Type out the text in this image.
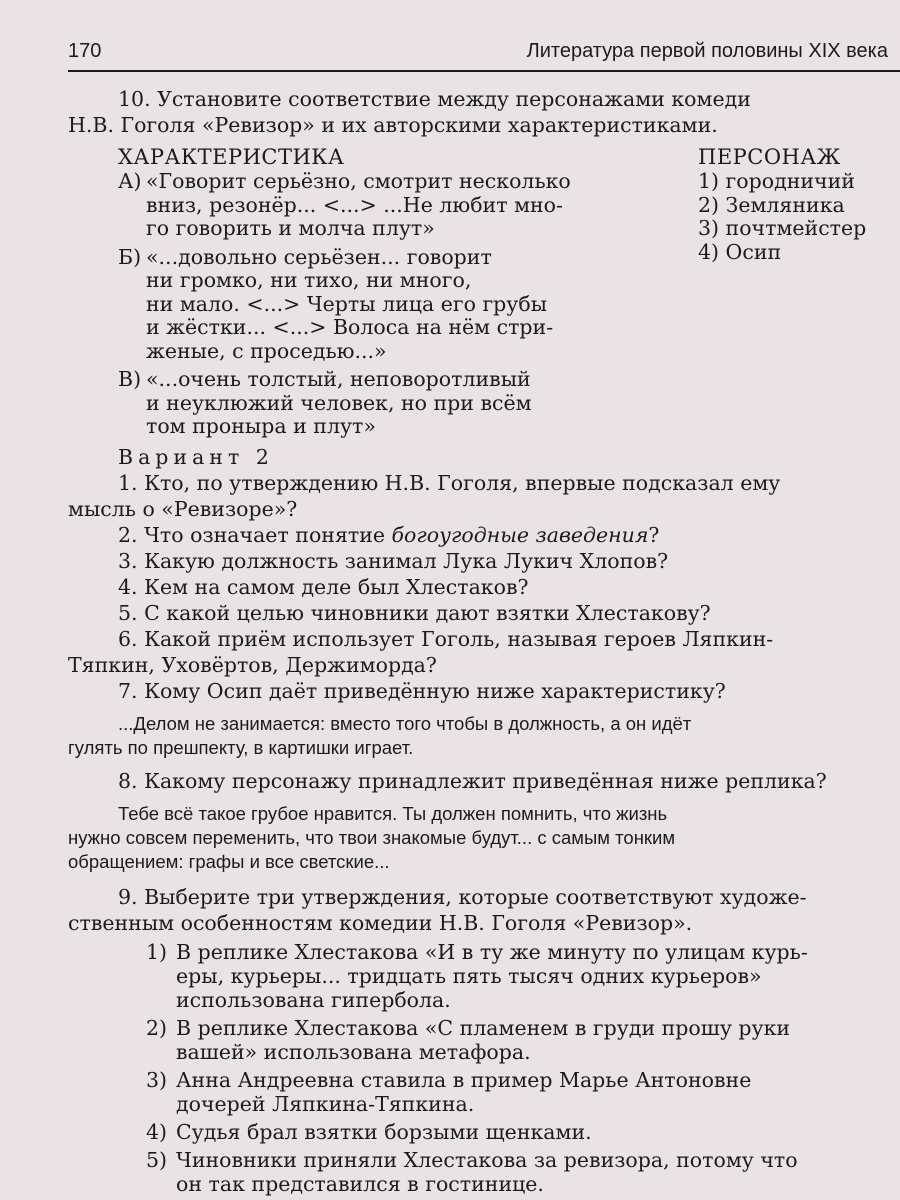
170	Литература первой половины XIX века

10. Установите соответствие между персонажами комеди

Н.В. Гоголя «Ревизор» и их авторскими характеристиками.

ХАРАКТЕРИСТИКА
А) «Говорит серьёзно, смотрит несколько
вниз, резонёр... <...> ...Не любит мно-
го говорить и молча плут»
Б) «...довольно серьёзен... говорит
ни громко, ни тихо, ни много,
ни мало. <...> Черты лица его грубы
и жёстки... <...> Волоса на нём стри-
женые, с проседью...»
В) «...очень толстый, неповоротливый
и неуклюжий человек, но при всём
том пронырa и плут»
ПЕРСОНАЖ
1) городничий
2) Земляника
3) почтмейстер
4) Осип

Вариант 2

1. Кто, по утверждению Н.В. Гоголя, впервые подсказал ему

мысль о «Ревизоре»?

2. Что означает понятие богоугодные заведения?

3. Какую должность занимал Лука Лукич Хлопов?

4. Кем на самом деле был Хлестаков?

5. С какой целью чиновники дают взятки Хлестакову?

6. Какой приём использует Гоголь, называя героев Ляпкин-

Тяпкин, Уховёртов, Держиморда?

7. Кому Осип даёт приведённую ниже характеристику?

...Делом не занимается: вместо того чтобы в должность, а он идёт

гулять по прешпекту, в картишки играет.

8. Какому персонажу принадлежит приведённая ниже реплика?

Тебе всё такое грубое нравится. Ты должен помнить, что жизнь

нужно совсем переменить, что твои знакомые будут... с самым тонким

обращением: графы и все светские...

9. Выберите три утверждения, которые соответствуют художе-

ственным особенностям комедии Н.В. Гоголя «Ревизор».

1) В реплике Хлестакова «И в ту же минуту по улицам курь-
еры, курьеры... тридцать пять тысяч одних курьеров»
использована гипербола.
2) В реплике Хлестакова «С пламенем в груди прошу руки
вашей» использована метафора.
3) Анна Андреевна ставила в пример Марье Антоновне
дочерей Ляпкина-Тяпкина.
4) Судья брал взятки борзыми щенками.
5) Чиновники приняли Хлестакова за ревизора, потому что
он так представился в гостинице.
